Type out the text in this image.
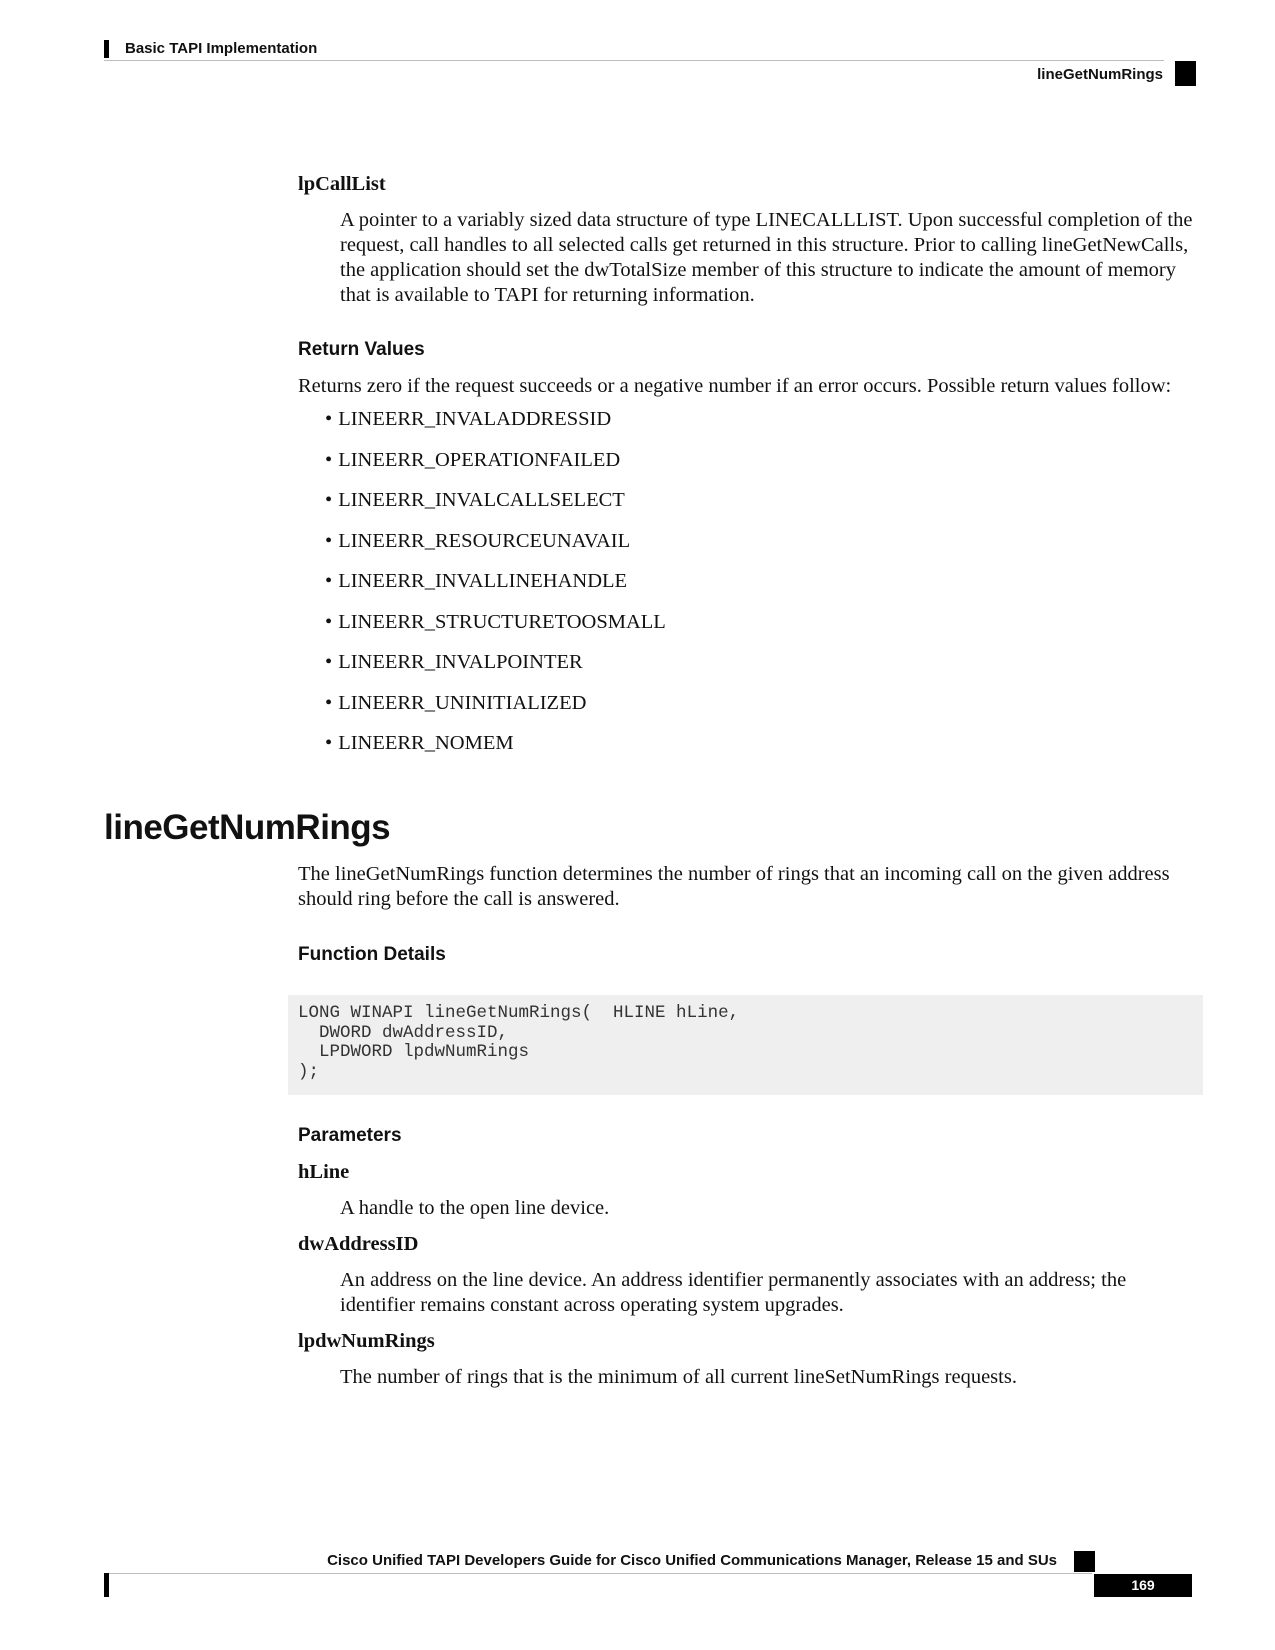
Basic TAPI Implementation
lineGetNumRings

lpCallList

A pointer to a variably sized data structure of type LINECALLLIST. Upon successful completion of the request, call handles to all selected calls get returned in this structure. Prior to calling lineGetNewCalls, the application should set the dwTotalSize member of this structure to indicate the amount of memory that is available to TAPI for returning information.

Return Values

Returns zero if the request succeeds or a negative number if an error occurs. Possible return values follow:

• LINEERR_INVALADDRESSID
• LINEERR_OPERATIONFAILED
• LINEERR_INVALCALLSELECT
• LINEERR_RESOURCEUNAVAIL
• LINEERR_INVALLINEHANDLE
• LINEERR_STRUCTURETOOSMALL
• LINEERR_INVALPOINTER
• LINEERR_UNINITIALIZED
• LINEERR_NOMEM
lineGetNumRings

The lineGetNumRings function determines the number of rings that an incoming call on the given address should ring before the call is answered.

Function Details

LONG WINAPI lineGetNumRings(  HLINE hLine,
DWORD dwAddressID,
LPDWORD lpdwNumRings
);

Parameters

hLine

A handle to the open line device.

dwAddressID

An address on the line device. An address identifier permanently associates with an address; the identifier remains constant across operating system upgrades.

lpdwNumRings

The number of rings that is the minimum of all current lineSetNumRings requests.

Cisco Unified TAPI Developers Guide for Cisco Unified Communications Manager, Release 15 and SUs
169
